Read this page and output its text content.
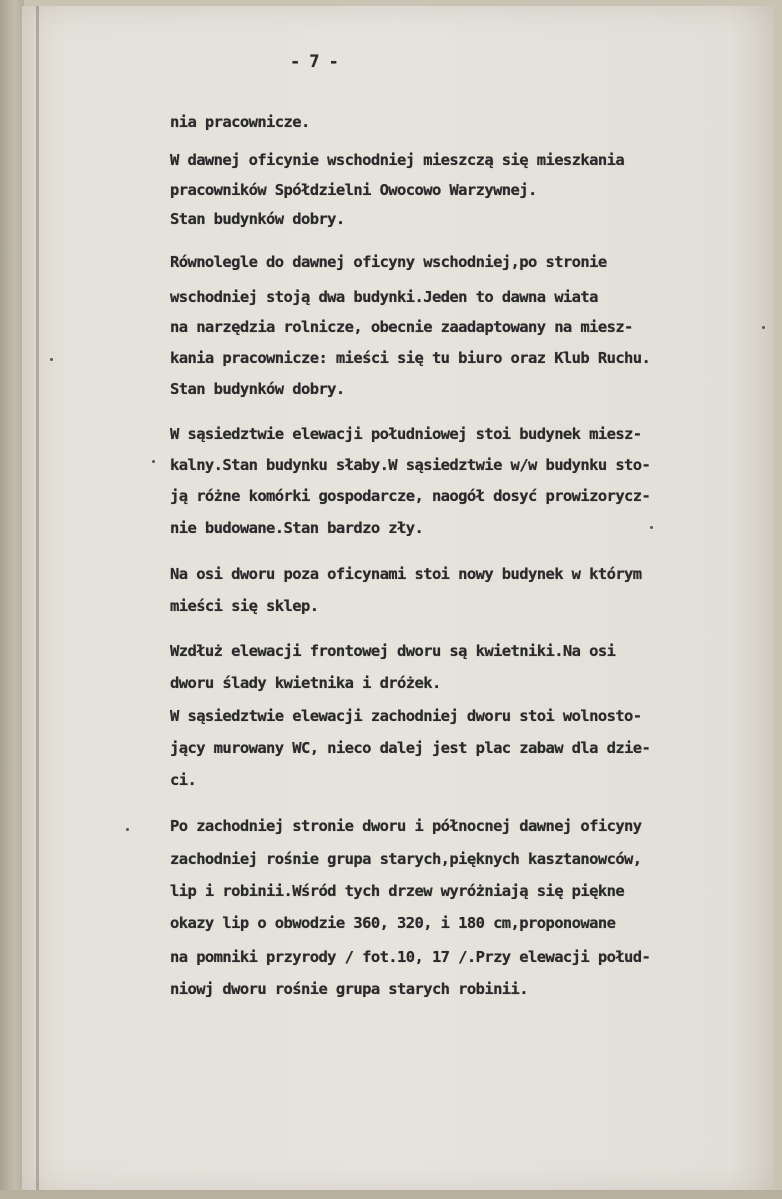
- 7 -
nia pracownicze.
W dawnej oficynie wschodniej mieszczą się mieszkania
pracowników Spółdzielni Owocowo Warzywnej.
Stan budynków dobry.
Równolegle do dawnej oficyny wschodniej,po stronie
wschodniej stoją dwa budynki.Jeden to dawna wiata
na narzędzia rolnicze, obecnie zaadaptowany na miesz-
kania pracownicze: mieści się tu biuro oraz Klub Ruchu.
Stan budynków dobry.
W sąsiedztwie elewacji południowej stoi budynek miesz-
kalny.Stan budynku słaby.W sąsiedztwie w/w budynku sto-
ją różne komórki gospodarcze, naogół dosyć prowizorycz-
nie budowane.Stan bardzo zły.
Na osi dworu poza oficynami stoi nowy budynek w którym
mieści się sklep.
Wzdłuż elewacji frontowej dworu są kwietniki.Na osi
dworu ślady kwietnika i dróżek.
W sąsiedztwie elewacji zachodniej dworu stoi wolnosto-
jący murowany WC, nieco dalej jest plac zabaw dla dzie-
ci.
Po zachodniej stronie dworu i północnej dawnej oficyny
zachodniej rośnie grupa starych,pięknych kasztanowców,
lip i robinii.Wśród tych drzew wyróżniają się piękne
okazy lip o obwodzie 360, 320, i 180 cm,proponowane
na pomniki przyrody / fot.10, 17 /.Przy elewacji połud-
niowj dworu rośnie grupa starych robinii.
